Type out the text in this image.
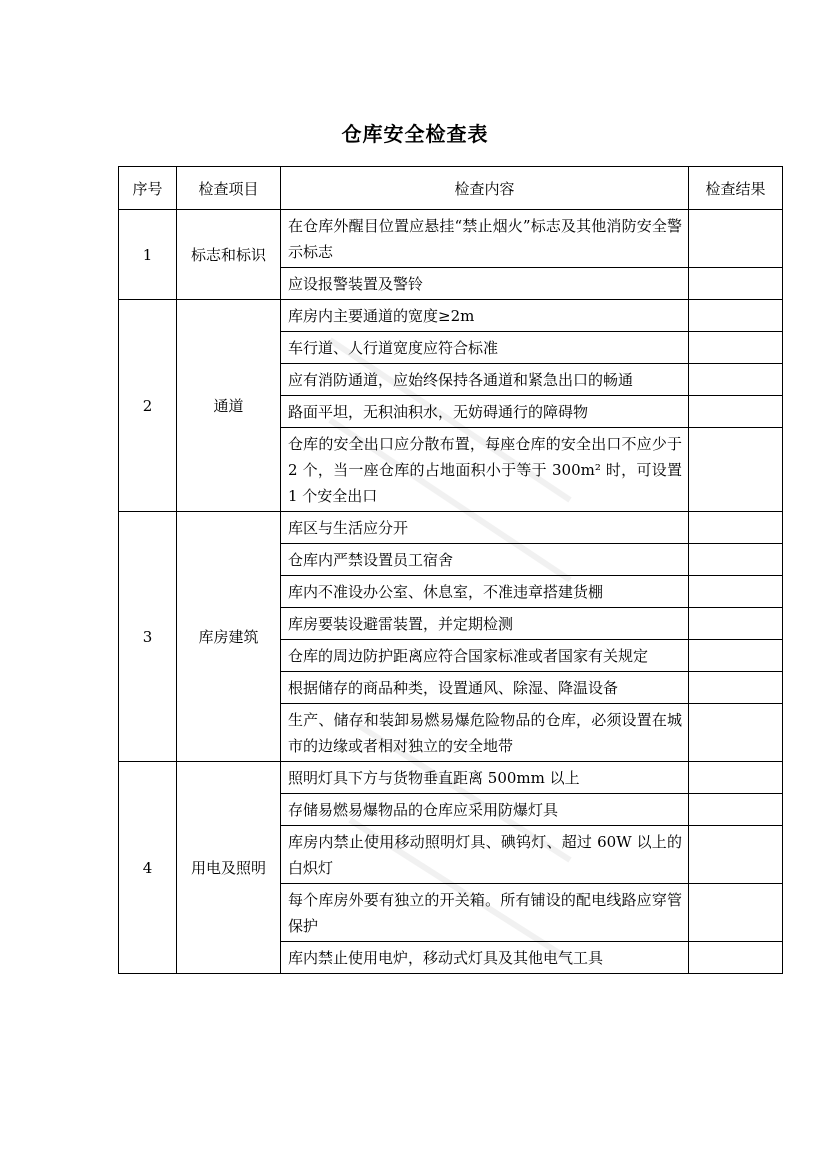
仓库安全检查表
序号	检查项目	检查内容	检查结果
1	标志和标识	在仓库外醒目位置应悬挂“禁止烟火”标志及其他消防安全警示标志	
		应设报警装置及警铃	
2	通道	库房内主要通道的宽度≥2m	
		车行道、人行道宽度应符合标准	
		应有消防通道，应始终保持各通道和紧急出口的畅通	
		路面平坦，无积油积水，无妨碍通行的障碍物	
		仓库的安全出口应分散布置，每座仓库的安全出口不应少于 2 个，当一座仓库的占地面积小于等于 300m² 时，可设置 1 个安全出口	
3	库房建筑	库区与生活应分开	
		仓库内严禁设置员工宿舍	
		库内不准设办公室、休息室，不准违章搭建货棚	
		库房要装设避雷装置，并定期检测	
		仓库的周边防护距离应符合国家标准或者国家有关规定	
		根据储存的商品种类，设置通风、除湿、降温设备	
		生产、储存和装卸易燃易爆危险物品的仓库，必须设置在城市的边缘或者相对独立的安全地带	
4	用电及照明	照明灯具下方与货物垂直距离 500mm 以上	
		存储易燃易爆物品的仓库应采用防爆灯具	
		库房内禁止使用移动照明灯具、碘钨灯、超过 60W 以上的白炽灯	
		每个库房外要有独立的开关箱。所有铺设的配电线路应穿管保护	
		库内禁止使用电炉，移动式灯具及其他电气工具	
